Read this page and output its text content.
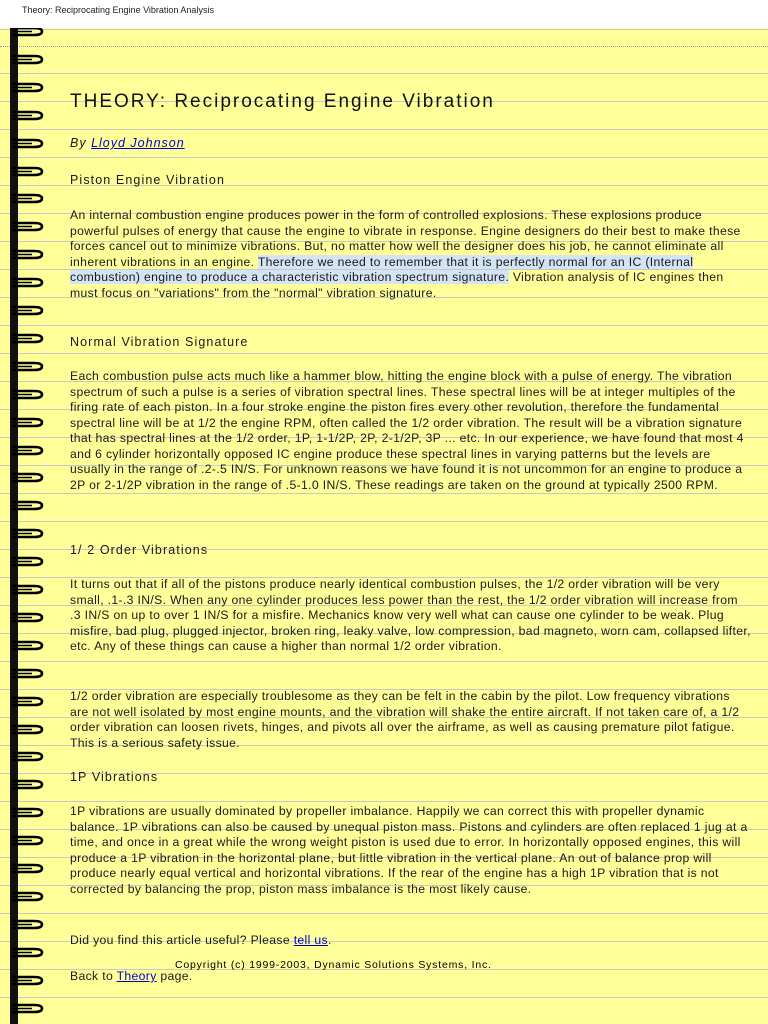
Theory: Reciprocating Engine Vibration Analysis
THEORY: Reciprocating Engine Vibration
By Lloyd Johnson
Piston Engine Vibration

An internal combustion engine produces power in the form of controlled explosions. These explosions produce powerful pulses of energy that cause the engine to vibrate in response. Engine designers do their best to make these forces cancel out to minimize vibrations. But, no matter how well the designer does his job, he cannot eliminate all inherent vibrations in an engine. Therefore we need to remember that it is perfectly normal for an IC (Internal combustion) engine to produce a characteristic vibration spectrum signature. Vibration analysis of IC engines then must focus on "variations" from the "normal" vibration signature.

Normal Vibration Signature

Each combustion pulse acts much like a hammer blow, hitting the engine block with a pulse of energy. The vibration spectrum of such a pulse is a series of vibration spectral lines. These spectral lines will be at integer multiples of the firing rate of each piston. In a four stroke engine the piston fires every other revolution, therefore the fundamental spectral line will be at 1/2 the engine RPM, often called the 1/2 order vibration. The result will be a vibration signature that has spectral lines at the 1/2 order, 1P, 1-1/2P, 2P, 2-1/2P, 3P ... etc. In our experience, we have found that most 4 and 6 cylinder horizontally opposed IC engine produce these spectral lines in varying patterns but the levels are usually in the range of .2-.5 IN/S. For unknown reasons we have found it is not uncommon for an engine to produce a 2P or 2-1/2P vibration in the range of .5-1.0 IN/S. These readings are taken on the ground at typically 2500 RPM.

1/ 2 Order Vibrations

It turns out that if all of the pistons produce nearly identical combustion pulses, the 1/2 order vibration will be very small, .1-.3 IN/S. When any one cylinder produces less power than the rest, the 1/2 order vibration will increase from .3 IN/S on up to over 1 IN/S for a misfire. Mechanics know very well what can cause one cylinder to be weak. Plug misfire, bad plug, plugged injector, broken ring, leaky valve, low compression, bad magneto, worn cam, collapsed lifter, etc. Any of these things can cause a higher than normal 1/2 order vibration.

1/2 order vibration are especially troublesome as they can be felt in the cabin by the pilot. Low frequency vibrations are not well isolated by most engine mounts, and the vibration will shake the entire aircraft. If not taken care of, a 1/2 order vibration can loosen rivets, hinges, and pivots all over the airframe, as well as causing premature pilot fatigue. This is a serious safety issue.

1P Vibrations

1P vibrations are usually dominated by propeller imbalance. Happily we can correct this with propeller dynamic balance. 1P vibrations can also be caused by unequal piston mass. Pistons and cylinders are often replaced 1 jug at a time, and once in a great while the wrong weight piston is used due to error. In horizontally opposed engines, this will produce a 1P vibration in the horizontal plane, but little vibration in the vertical plane. An out of balance prop will produce nearly equal vertical and horizontal vibrations. If the rear of the engine has a high 1P vibration that is not corrected by balancing the prop, piston mass imbalance is the most likely cause.

Did you find this article useful? Please tell us.

Back to Theory page.

Copyright (c) 1999-2003, Dynamic Solutions Systems, Inc.
